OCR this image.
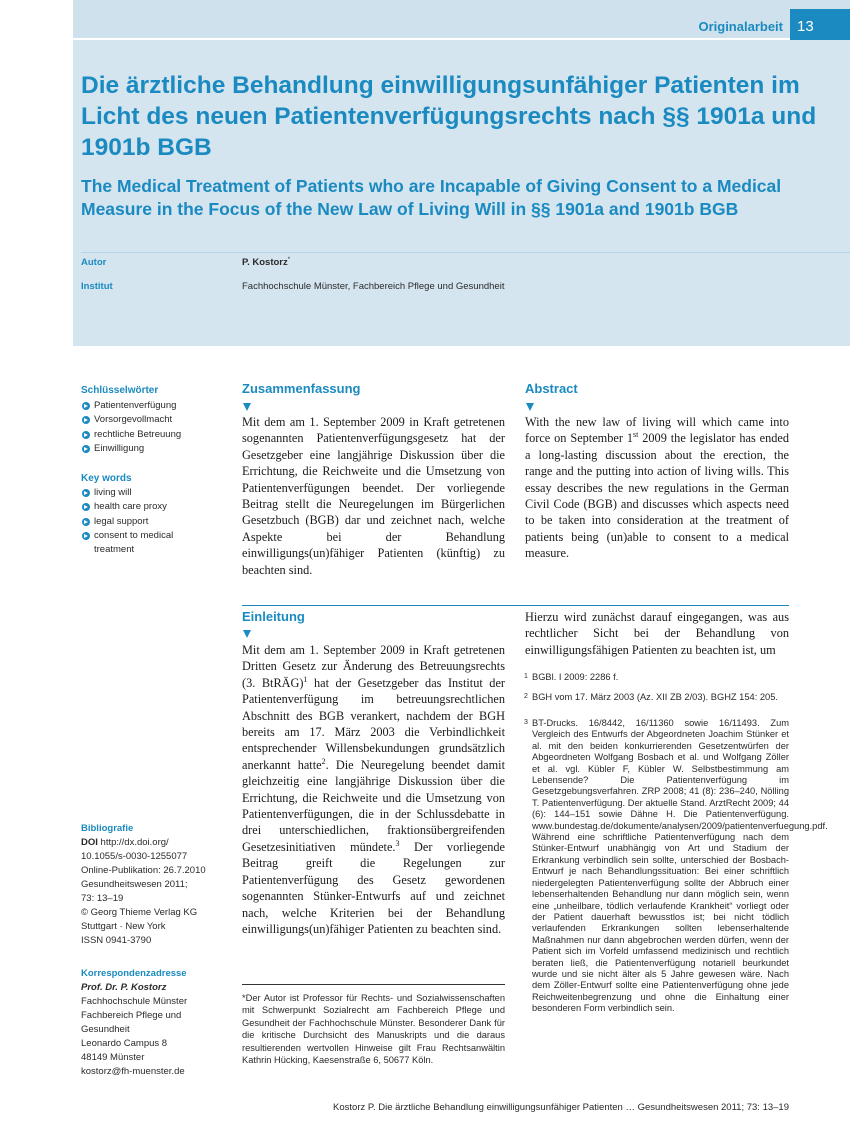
Originalarbeit 13
Die ärztliche Behandlung einwilligungsunfähiger Patienten im Licht des neuen Patientenverfügungsrechts nach §§ 1901a und 1901b BGB
The Medical Treatment of Patients who are Incapable of Giving Consent to a Medical Measure in the Focus of the New Law of Living Will in §§ 1901a and 1901b BGB
Autor	P. Kostorz*
Institut	Fachhochschule Münster, Fachbereich Pflege und Gesundheit
Schlüsselwörter
Patientenverfügung
Vorsorgevollmacht
rechtliche Betreuung
Einwilligung
Key words
living will
health care proxy
legal support
consent to medical treatment
Bibliografie
DOI http://dx.doi.org/
10.1055/s-0030-1255077
Online-Publikation: 26.7.2010
Gesundheitswesen 2011;
73: 13–19
© Georg Thieme Verlag KG
Stuttgart · New York
ISSN 0941-3790
Korrespondenzadresse
Prof. Dr. P. Kostorz
Fachhochschule Münster
Fachbereich Pflege und
Gesundheit
Leonardo Campus 8
48149 Münster
kostorz@fh-muenster.de
Zusammenfassung

Mit dem am 1. September 2009 in Kraft getretenen sogenannten Patientenverfügungsgesetz hat der Gesetzgeber eine langjährige Diskussion über die Errichtung, die Reichweite und die Umsetzung von Patientenverfügungen beendet. Der vorliegende Beitrag stellt die Neuregelungen im Bürgerlichen Gesetzbuch (BGB) dar und zeichnet nach, welche Aspekte bei der Behandlung einwilligungs(un)fähiger Patienten (künftig) zu beachten sind.

Abstract

With the new law of living will which came into force on September 1st 2009 the legislator has ended a long-lasting discussion about the erection, the range and the putting into action of living wills. This essay describes the new regulations in the German Civil Code (BGB) and discusses which aspects need to be taken into consideration at the treatment of patients being (un)able to consent to a medical measure.

Einleitung

Mit dem am 1. September 2009 in Kraft getretenen Dritten Gesetz zur Änderung des Betreuungsrechts (3. BtRÄG)$^1$ hat der Gesetzgeber das Institut der Patientenverfügung im betreuungsrechtlichen Abschnitt des BGB verankert, nachdem der BGH bereits am 17. März 2003 die Verbindlichkeit entsprechender Willensbekundungen grundsätzlich anerkannt hatte$^2$. Die Neuregelung beendet damit gleichzeitig eine langjährige Diskussion über die Errichtung, die Reichweite und die Umsetzung von Patientenverfügungen, die in der Schlussdebatte in drei unterschiedlichen, fraktionsübergreifenden Gesetzesinitiativen mündete.$^3$ Der vorliegende Beitrag greift die Regelungen zur Patientenverfügung des Gesetz gewordenen sogenannten Stünker-Entwurfs auf und zeichnet nach, welche Kriterien bei der Behandlung einwilligungs(un)fähiger Patienten zu beachten sind.

Hierzu wird zunächst darauf eingegangen, was aus rechtlicher Sicht bei der Behandlung von einwilligungsfähigen Patienten zu beachten ist, um

1 BGBl. I 2009: 2286 f.
2 BGH vom 17. März 2003 (Az. XII ZB 2/03). BGHZ 154: 205.
3 BT-Drucks. 16/8442, 16/11360 sowie 16/11493. Zum Vergleich des Entwurfs der Abgeordneten Joachim Stünker et al. mit den beiden konkurrierenden Gesetzentwürfen der Abgeordneten Wolfgang Bosbach et al. und Wolfgang Zöller et al. vgl. Kübler F, Kübler W. Selbstbestimmung am Lebensende? Die Patientenverfügung im Gesetzgebungsverfahren. ZRP 2008; 41 (8): 236–240, Nölling T. Patientenverfügung. Der aktuelle Stand. ArztRecht 2009; 44 (6): 144–151 sowie Dähne H. Die Patientenverfügung. www.bundestag.de/dokumente/analysen/2009/patientenverfuegung.pdf. Während eine schriftliche Patientenverfügung nach dem Stünker-Entwurf unabhängig von Art und Stadium der Erkrankung verbindlich sein sollte, unterschied der Bosbach-Entwurf je nach Behandlungssituation: Bei einer schriftlich niedergelegten Patientenverfügung sollte der Abbruch einer lebenserhaltenden Behandlung nur dann möglich sein, wenn eine „unheilbare, tödlich verlaufende Krankheit“ vorliegt oder der Patient dauerhaft bewusstlos ist; bei nicht tödlich verlaufenden Erkrankungen sollten lebenserhaltende Maßnahmen nur dann abgebrochen werden dürfen, wenn der Patient sich im Vorfeld umfassend medizinisch und rechtlich beraten ließ, die Patientenverfügung notariell beurkundet wurde und sie nicht älter als 5 Jahre gewesen wäre. Nach dem Zöller-Entwurf sollte eine Patientenverfügung ohne jede Reichweitenbegrenzung und ohne die Einhaltung einer besonderen Form verbindlich sein.

*Der Autor ist Professor für Rechts- und Sozialwissenschaften mit Schwerpunkt Sozialrecht am Fachbereich Pflege und Gesundheit der Fachhochschule Münster. Besonderer Dank für die kritische Durchsicht des Manuskripts und die daraus resultierenden wertvollen Hinweise gilt Frau Rechtsanwältin Kathrin Hücking, Kaesenstraße 6, 50677 Köln.

Kostorz P. Die ärztliche Behandlung einwilligungsunfähiger Patienten … Gesundheitswesen 2011; 73: 13–19
